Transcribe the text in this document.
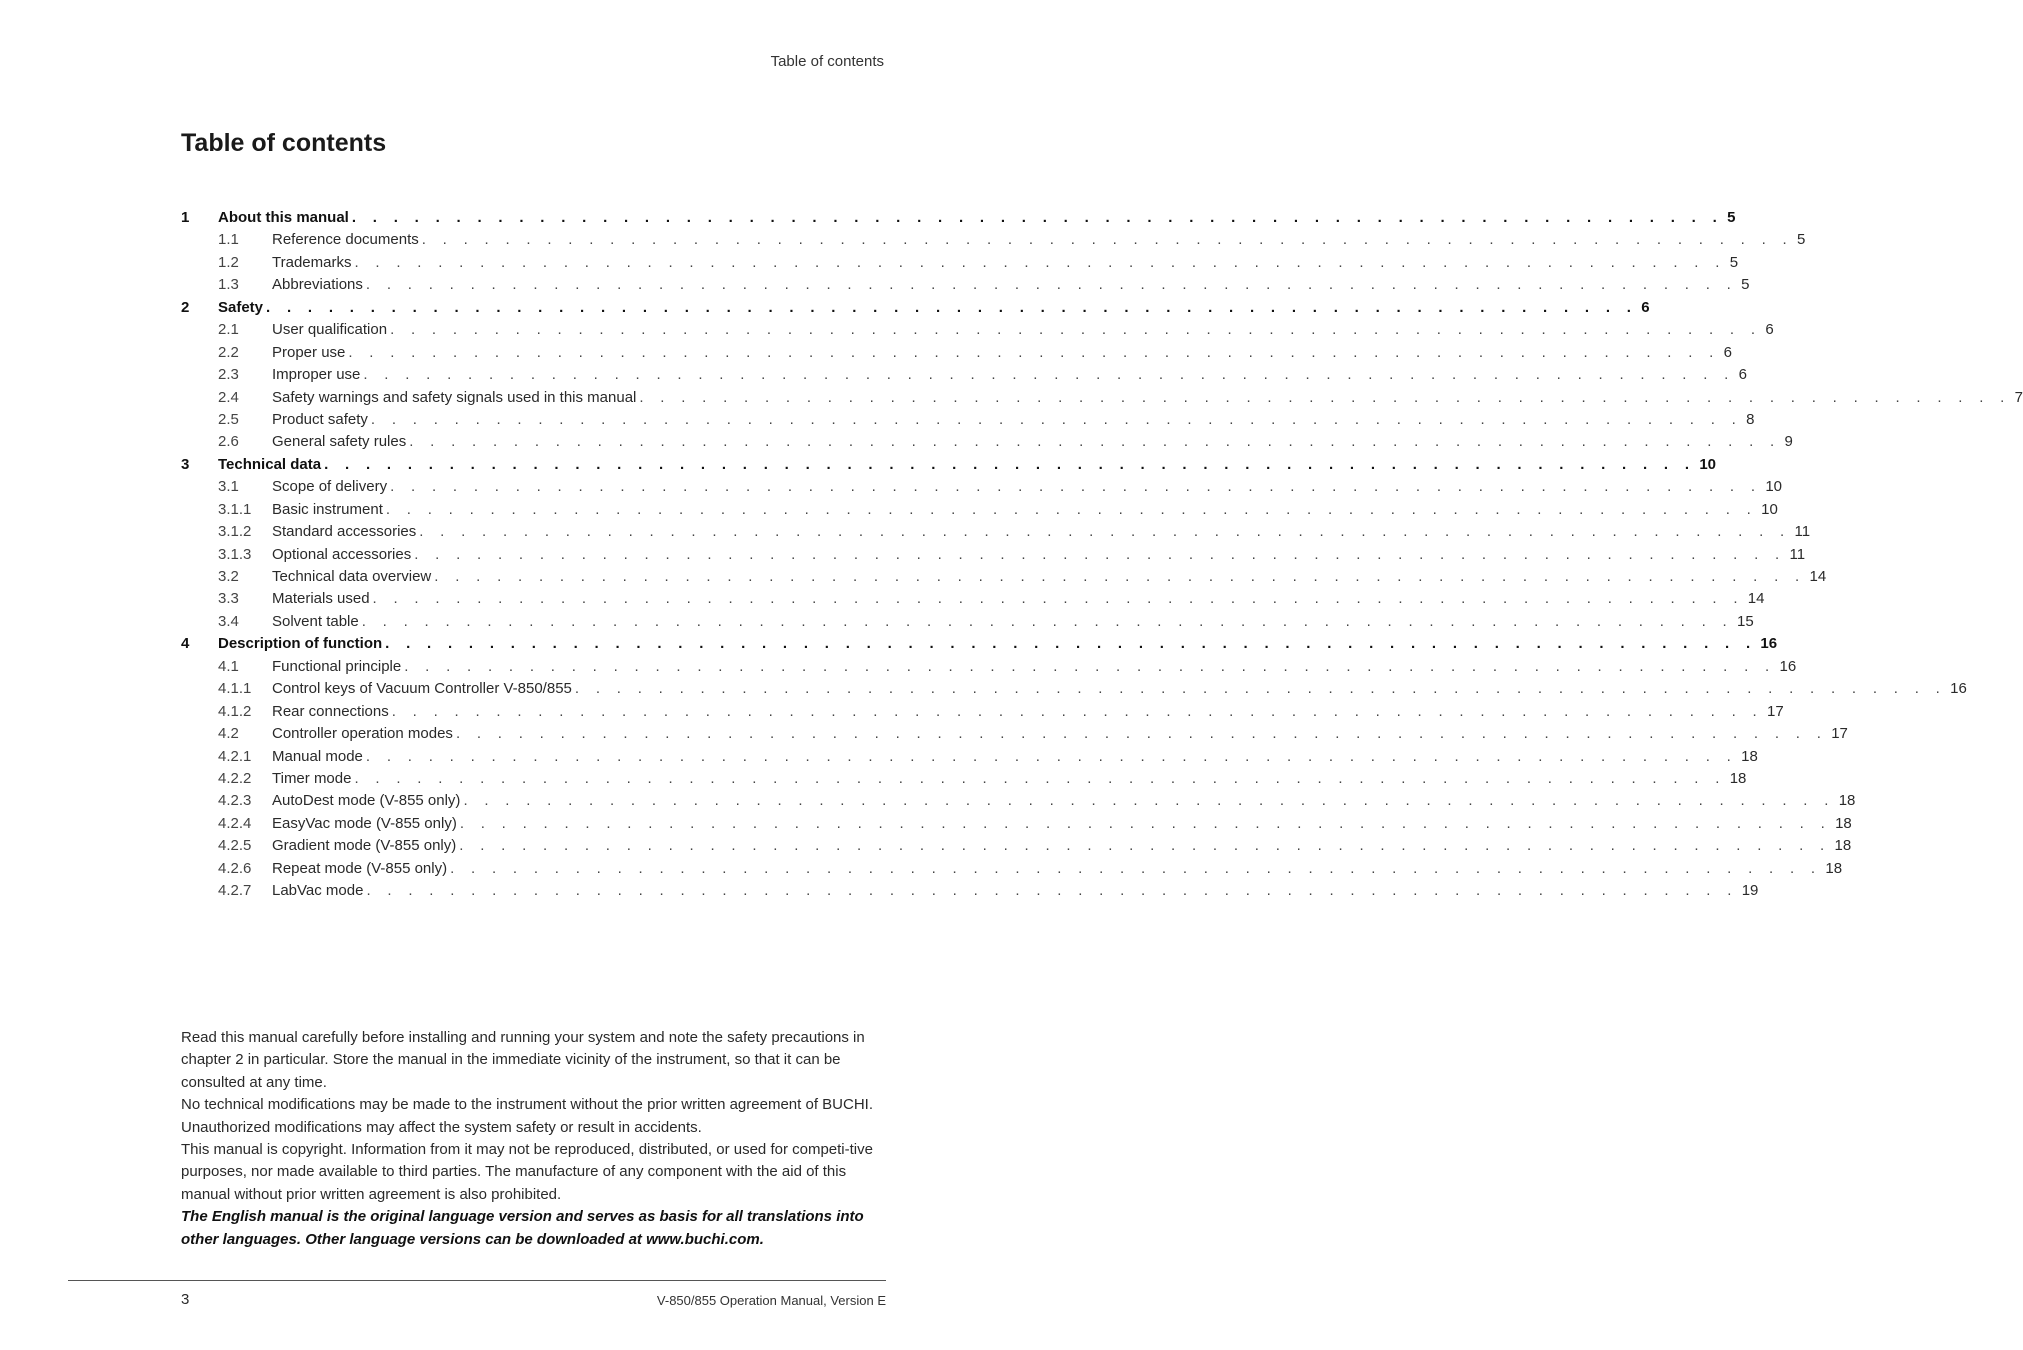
Table of contents
Table of contents
1	About this manual . . . . . . . . . . . . . . . . . . . . . . . . . . . . . . . . . . . . . . . . . . . . . . . . . . . . . . . . . . . . . . . . . . 5
1.1	Reference documents . . . . . . . . . . . . . . . . . . . . . . . . . . . . . . . . . . . . . . . . . . . . . . . . . . . . . . . . . . . . . . . . . . 5
1.2	Trademarks . . . . . . . . . . . . . . . . . . . . . . . . . . . . . . . . . . . . . . . . . . . . . . . . . . . . . . . . . . . . . . . . . . 5
1.3	Abbreviations . . . . . . . . . . . . . . . . . . . . . . . . . . . . . . . . . . . . . . . . . . . . . . . . . . . . . . . . . . . . . . . . . . 5
2	Safety . . . . . . . . . . . . . . . . . . . . . . . . . . . . . . . . . . . . . . . . . . . . . . . . . . . . . . . . . . . . . . . . . . 6
2.1	User qualification . . . . . . . . . . . . . . . . . . . . . . . . . . . . . . . . . . . . . . . . . . . . . . . . . . . . . . . . . . . . . . . . . . 6
2.2	Proper use . . . . . . . . . . . . . . . . . . . . . . . . . . . . . . . . . . . . . . . . . . . . . . . . . . . . . . . . . . . . . . . . . . 6
2.3	Improper use . . . . . . . . . . . . . . . . . . . . . . . . . . . . . . . . . . . . . . . . . . . . . . . . . . . . . . . . . . . . . . . . . . 6
2.4	Safety warnings and safety signals used in this manual . . . . . . . . . . . . . . . . . . . . . . . . . . . . . . . . . . . . . . . . . . . . . . . . . . . . . . . . . . . . . . . . . . 7
2.5	Product safety . . . . . . . . . . . . . . . . . . . . . . . . . . . . . . . . . . . . . . . . . . . . . . . . . . . . . . . . . . . . . . . . . . 8
2.6	General safety rules . . . . . . . . . . . . . . . . . . . . . . . . . . . . . . . . . . . . . . . . . . . . . . . . . . . . . . . . . . . . . . . . . . 9
3	Technical data . . . . . . . . . . . . . . . . . . . . . . . . . . . . . . . . . . . . . . . . . . . . . . . . . . . . . . . . . . . . . . . . . . 10
3.1	Scope of delivery . . . . . . . . . . . . . . . . . . . . . . . . . . . . . . . . . . . . . . . . . . . . . . . . . . . . . . . . . . . . . . . . . . 10
3.1.1	Basic instrument . . . . . . . . . . . . . . . . . . . . . . . . . . . . . . . . . . . . . . . . . . . . . . . . . . . . . . . . . . . . . . . . . . 10
3.1.2	Standard accessories . . . . . . . . . . . . . . . . . . . . . . . . . . . . . . . . . . . . . . . . . . . . . . . . . . . . . . . . . . . . . . . . . . 11
3.1.3	Optional accessories . . . . . . . . . . . . . . . . . . . . . . . . . . . . . . . . . . . . . . . . . . . . . . . . . . . . . . . . . . . . . . . . . . 11
3.2	Technical data overview . . . . . . . . . . . . . . . . . . . . . . . . . . . . . . . . . . . . . . . . . . . . . . . . . . . . . . . . . . . . . . . . . . 14
3.3	Materials used . . . . . . . . . . . . . . . . . . . . . . . . . . . . . . . . . . . . . . . . . . . . . . . . . . . . . . . . . . . . . . . . . . 14
3.4	Solvent table . . . . . . . . . . . . . . . . . . . . . . . . . . . . . . . . . . . . . . . . . . . . . . . . . . . . . . . . . . . . . . . . . . 15
4	Description of function . . . . . . . . . . . . . . . . . . . . . . . . . . . . . . . . . . . . . . . . . . . . . . . . . . . . . . . . . . . . . . . . . . 16
4.1	Functional principle . . . . . . . . . . . . . . . . . . . . . . . . . . . . . . . . . . . . . . . . . . . . . . . . . . . . . . . . . . . . . . . . . . 16
4.1.1	Control keys of Vacuum Controller V-850/855 . . . . . . . . . . . . . . . . . . . . . . . . . . . . . . . . . . . . . . . . . . . . . . . . . . . . . . . . . . . . . . . . . . 16
4.1.2	Rear connections . . . . . . . . . . . . . . . . . . . . . . . . . . . . . . . . . . . . . . . . . . . . . . . . . . . . . . . . . . . . . . . . . . 17
4.2	Controller operation modes . . . . . . . . . . . . . . . . . . . . . . . . . . . . . . . . . . . . . . . . . . . . . . . . . . . . . . . . . . . . . . . . . . 17
4.2.1	Manual mode . . . . . . . . . . . . . . . . . . . . . . . . . . . . . . . . . . . . . . . . . . . . . . . . . . . . . . . . . . . . . . . . . . 18
4.2.2	Timer mode . . . . . . . . . . . . . . . . . . . . . . . . . . . . . . . . . . . . . . . . . . . . . . . . . . . . . . . . . . . . . . . . . . 18
4.2.3	AutoDest mode (V-855 only) . . . . . . . . . . . . . . . . . . . . . . . . . . . . . . . . . . . . . . . . . . . . . . . . . . . . . . . . . . . . . . . . . . 18
4.2.4	EasyVac mode (V-855 only) . . . . . . . . . . . . . . . . . . . . . . . . . . . . . . . . . . . . . . . . . . . . . . . . . . . . . . . . . . . . . . . . . . 18
4.2.5	Gradient mode (V-855 only) . . . . . . . . . . . . . . . . . . . . . . . . . . . . . . . . . . . . . . . . . . . . . . . . . . . . . . . . . . . . . . . . . . 18
4.2.6	Repeat mode (V-855 only) . . . . . . . . . . . . . . . . . . . . . . . . . . . . . . . . . . . . . . . . . . . . . . . . . . . . . . . . . . . . . . . . . . 18
4.2.7	LabVac mode . . . . . . . . . . . . . . . . . . . . . . . . . . . . . . . . . . . . . . . . . . . . . . . . . . . . . . . . . . . . . . . . . . 19

Read this manual carefully before installing and running your system and note the safety precautions in chapter 2 in particular. Store the manual in the immediate vicinity of the instrument, so that it can be consulted at any time.

No technical modifications may be made to the instrument without the prior written agreement of BUCHI. Unauthorized modifications may affect the system safety or result in accidents.

This manual is copyright. Information from it may not be reproduced, distributed, or used for competi-tive purposes, nor made available to third parties. The manufacture of any component with the aid of this manual without prior written agreement is also prohibited.

The English manual is the original language version and serves as basis for all translations into other languages. Other language versions can be downloaded at www.buchi.com.

3	V-850/855 Operation Manual, Version E
